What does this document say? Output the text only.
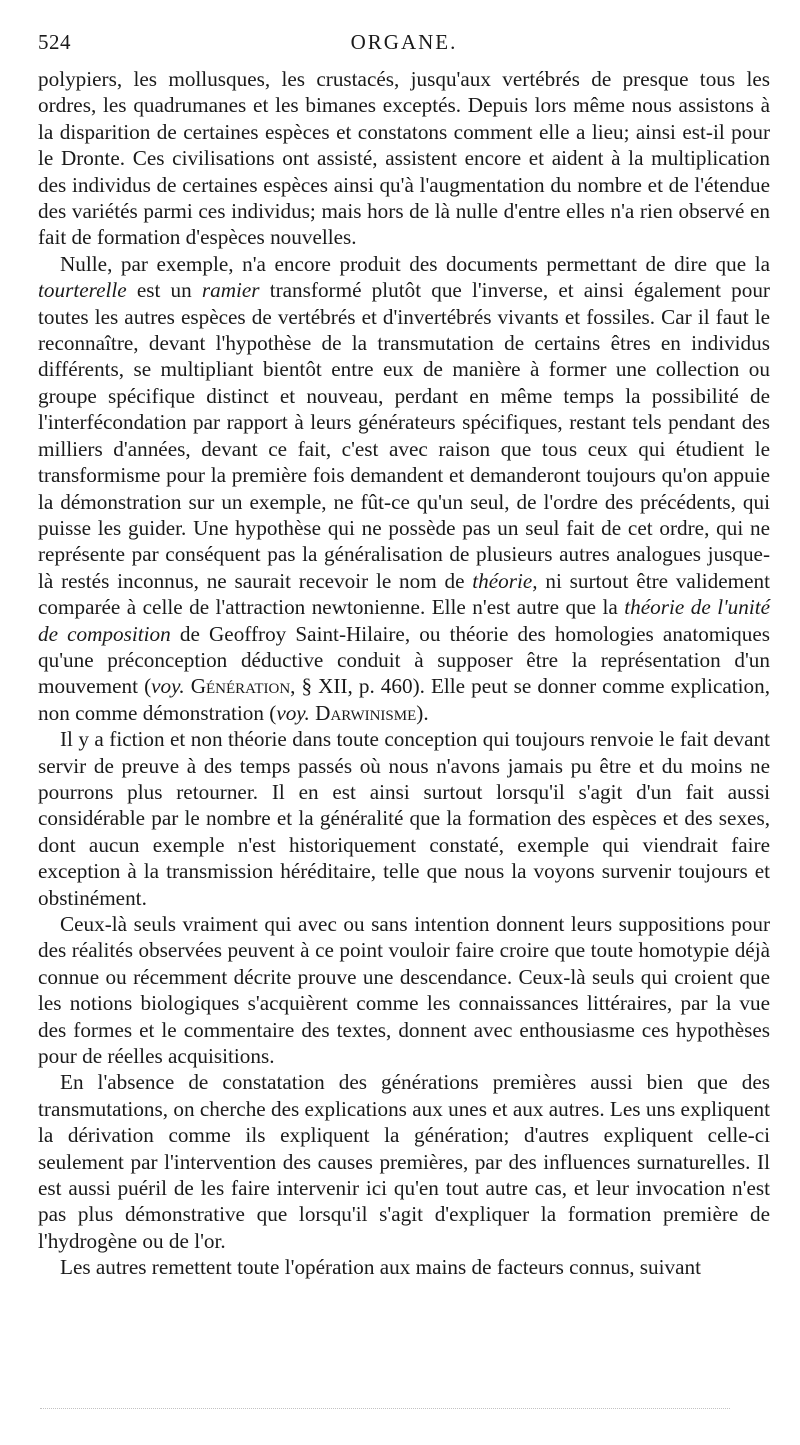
524	ORGANE.

polypiers, les mollusques, les crustacés, jusqu'aux vertébrés de presque tous les ordres, les quadrumanes et les bimanes exceptés. Depuis lors même nous assistons à la disparition de certaines espèces et constatons comment elle a lieu; ainsi est-il pour le Dronte. Ces civilisations ont assisté, assistent encore et aident à la multiplication des individus de certaines espèces ainsi qu'à l'augmentation du nombre et de l'étendue des variétés parmi ces individus; mais hors de là nulle d'entre elles n'a rien observé en fait de formation d'espèces nouvelles.

Nulle, par exemple, n'a encore produit des documents permettant de dire que la tourterelle est un ramier transformé plutôt que l'inverse, et ainsi également pour toutes les autres espèces de vertébrés et d'invertébrés vivants et fossiles. Car il faut le reconnaître, devant l'hypothèse de la transmutation de certains êtres en individus différents, se multipliant bientôt entre eux de manière à former une collection ou groupe spécifique distinct et nouveau, perdant en même temps la possibilité de l'interfécondation par rapport à leurs générateurs spécifiques, restant tels pendant des milliers d'années, devant ce fait, c'est avec raison que tous ceux qui étudient le transformisme pour la première fois demandent et demanderont toujours qu'on appuie la démonstration sur un exemple, ne fût-ce qu'un seul, de l'ordre des précédents, qui puisse les guider. Une hypothèse qui ne possède pas un seul fait de cet ordre, qui ne représente par conséquent pas la généralisation de plusieurs autres analogues jusque-là restés inconnus, ne saurait recevoir le nom de théorie, ni surtout être validement comparée à celle de l'attraction newtonienne. Elle n'est autre que la théorie de l'unité de composition de Geoffroy Saint-Hilaire, ou théorie des homologies anatomiques qu'une préconception déductive conduit à supposer être la représentation d'un mouvement (voy. Génération, § XII, p. 460). Elle peut se donner comme explication, non comme démonstration (voy. Darwinisme).

Il y a fiction et non théorie dans toute conception qui toujours renvoie le fait devant servir de preuve à des temps passés où nous n'avons jamais pu être et du moins ne pourrons plus retourner. Il en est ainsi surtout lorsqu'il s'agit d'un fait aussi considérable par le nombre et la généralité que la formation des espèces et des sexes, dont aucun exemple n'est historiquement constaté, exemple qui viendrait faire exception à la transmission héréditaire, telle que nous la voyons survenir toujours et obstinément.

Ceux-là seuls vraiment qui avec ou sans intention donnent leurs suppositions pour des réalités observées peuvent à ce point vouloir faire croire que toute homotypie déjà connue ou récemment décrite prouve une descendance. Ceux-là seuls qui croient que les notions biologiques s'acquièrent comme les connaissances littéraires, par la vue des formes et le commentaire des textes, donnent avec enthousiasme ces hypothèses pour de réelles acquisitions.

En l'absence de constatation des générations premières aussi bien que des transmutations, on cherche des explications aux unes et aux autres. Les uns expliquent la dérivation comme ils expliquent la génération; d'autres expliquent celle-ci seulement par l'intervention des causes premières, par des influences surnaturelles. Il est aussi puéril de les faire intervenir ici qu'en tout autre cas, et leur invocation n'est pas plus démonstrative que lorsqu'il s'agit d'expliquer la formation première de l'hydrogène ou de l'or.

Les autres remettent toute l'opération aux mains de facteurs connus, suivant
